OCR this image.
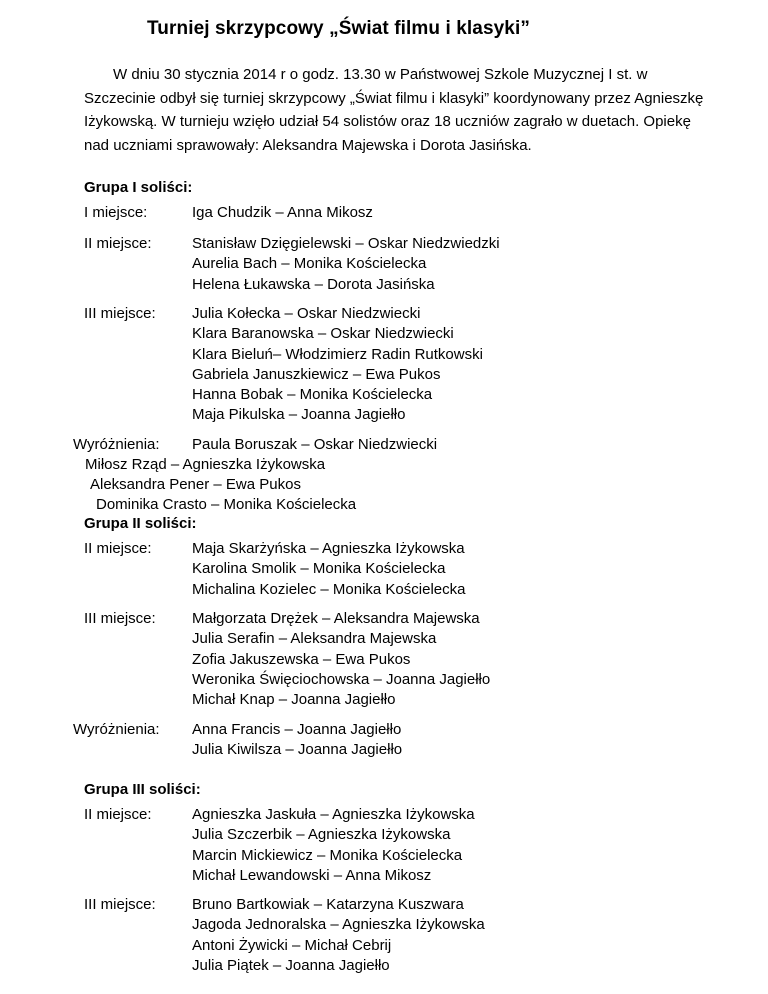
Turniej skrzypcowy „Świat filmu i klasyki”

W dniu 30 stycznia 2014 r o godz. 13.30 w Państwowej Szkole Muzycznej I st. w Szczecinie odbył się turniej skrzypcowy „Świat filmu i klasyki” koordynowany przez Agnieszkę Iżykowską. W turnieju wzięło udział 54 solistów oraz 18 uczniów zagrało w duetach. Opiekę nad uczniami sprawowały: Aleksandra Majewska i Dorota Jasińska.

Grupa I soliści:
I miejsce:	Iga Chudzik – Anna Mikosz
II miejsce:	Stanisław Dzięgielewski – Oskar Niedzwiedzki
Aurelia Bach – Monika Kościelecka
Helena Łukawska – Dorota Jasińska
III miejsce: Julia Kołecka – Oskar Niedzwiecki
Klara Baranowska – Oskar Niedzwiecki
Klara Bieluń– Włodzimierz Radin Rutkowski
Gabriela Januszkiewicz – Ewa Pukos
Hanna Bobak – Monika Kościelecka
Maja Pikulska – Joanna Jagiełło
Wyróżnienia: Paula Boruszak – Oskar Niedzwiecki
Miłosz Rząd – Agnieszka Iżykowska
Aleksandra Pener – Ewa Pukos
Dominika Crasto – Monika Kościelecka
Grupa II soliści:
II miejsce:	Maja Skarżyńska – Agnieszka Iżykowska
Karolina Smolik – Monika Kościelecka
Michalina Kozielec – Monika Kościelecka
III miejsce: Małgorzata Drężek – Aleksandra Majewska
Julia Serafin – Aleksandra Majewska
Zofia Jakuszewska – Ewa Pukos
Weronika Święciochowska – Joanna Jagiełło
Michał Knap – Joanna Jagiełło
Wyróżnienia: Anna Francis – Joanna Jagiełło
Julia Kiwilsza – Joanna Jagiełło
Grupa III soliści:
II miejsce:	Agnieszka Jaskuła – Agnieszka Iżykowska
Julia Szczerbik – Agnieszka Iżykowska
Marcin Mickiewicz – Monika Kościelecka
Michał Lewandowski – Anna Mikosz
III miejsce: Bruno Bartkowiak – Katarzyna Kuszwara
Jagoda Jednoralska – Agnieszka Iżykowska
Antoni Żywicki – Michał Cebrij
Julia Piątek – Joanna Jagiełło
